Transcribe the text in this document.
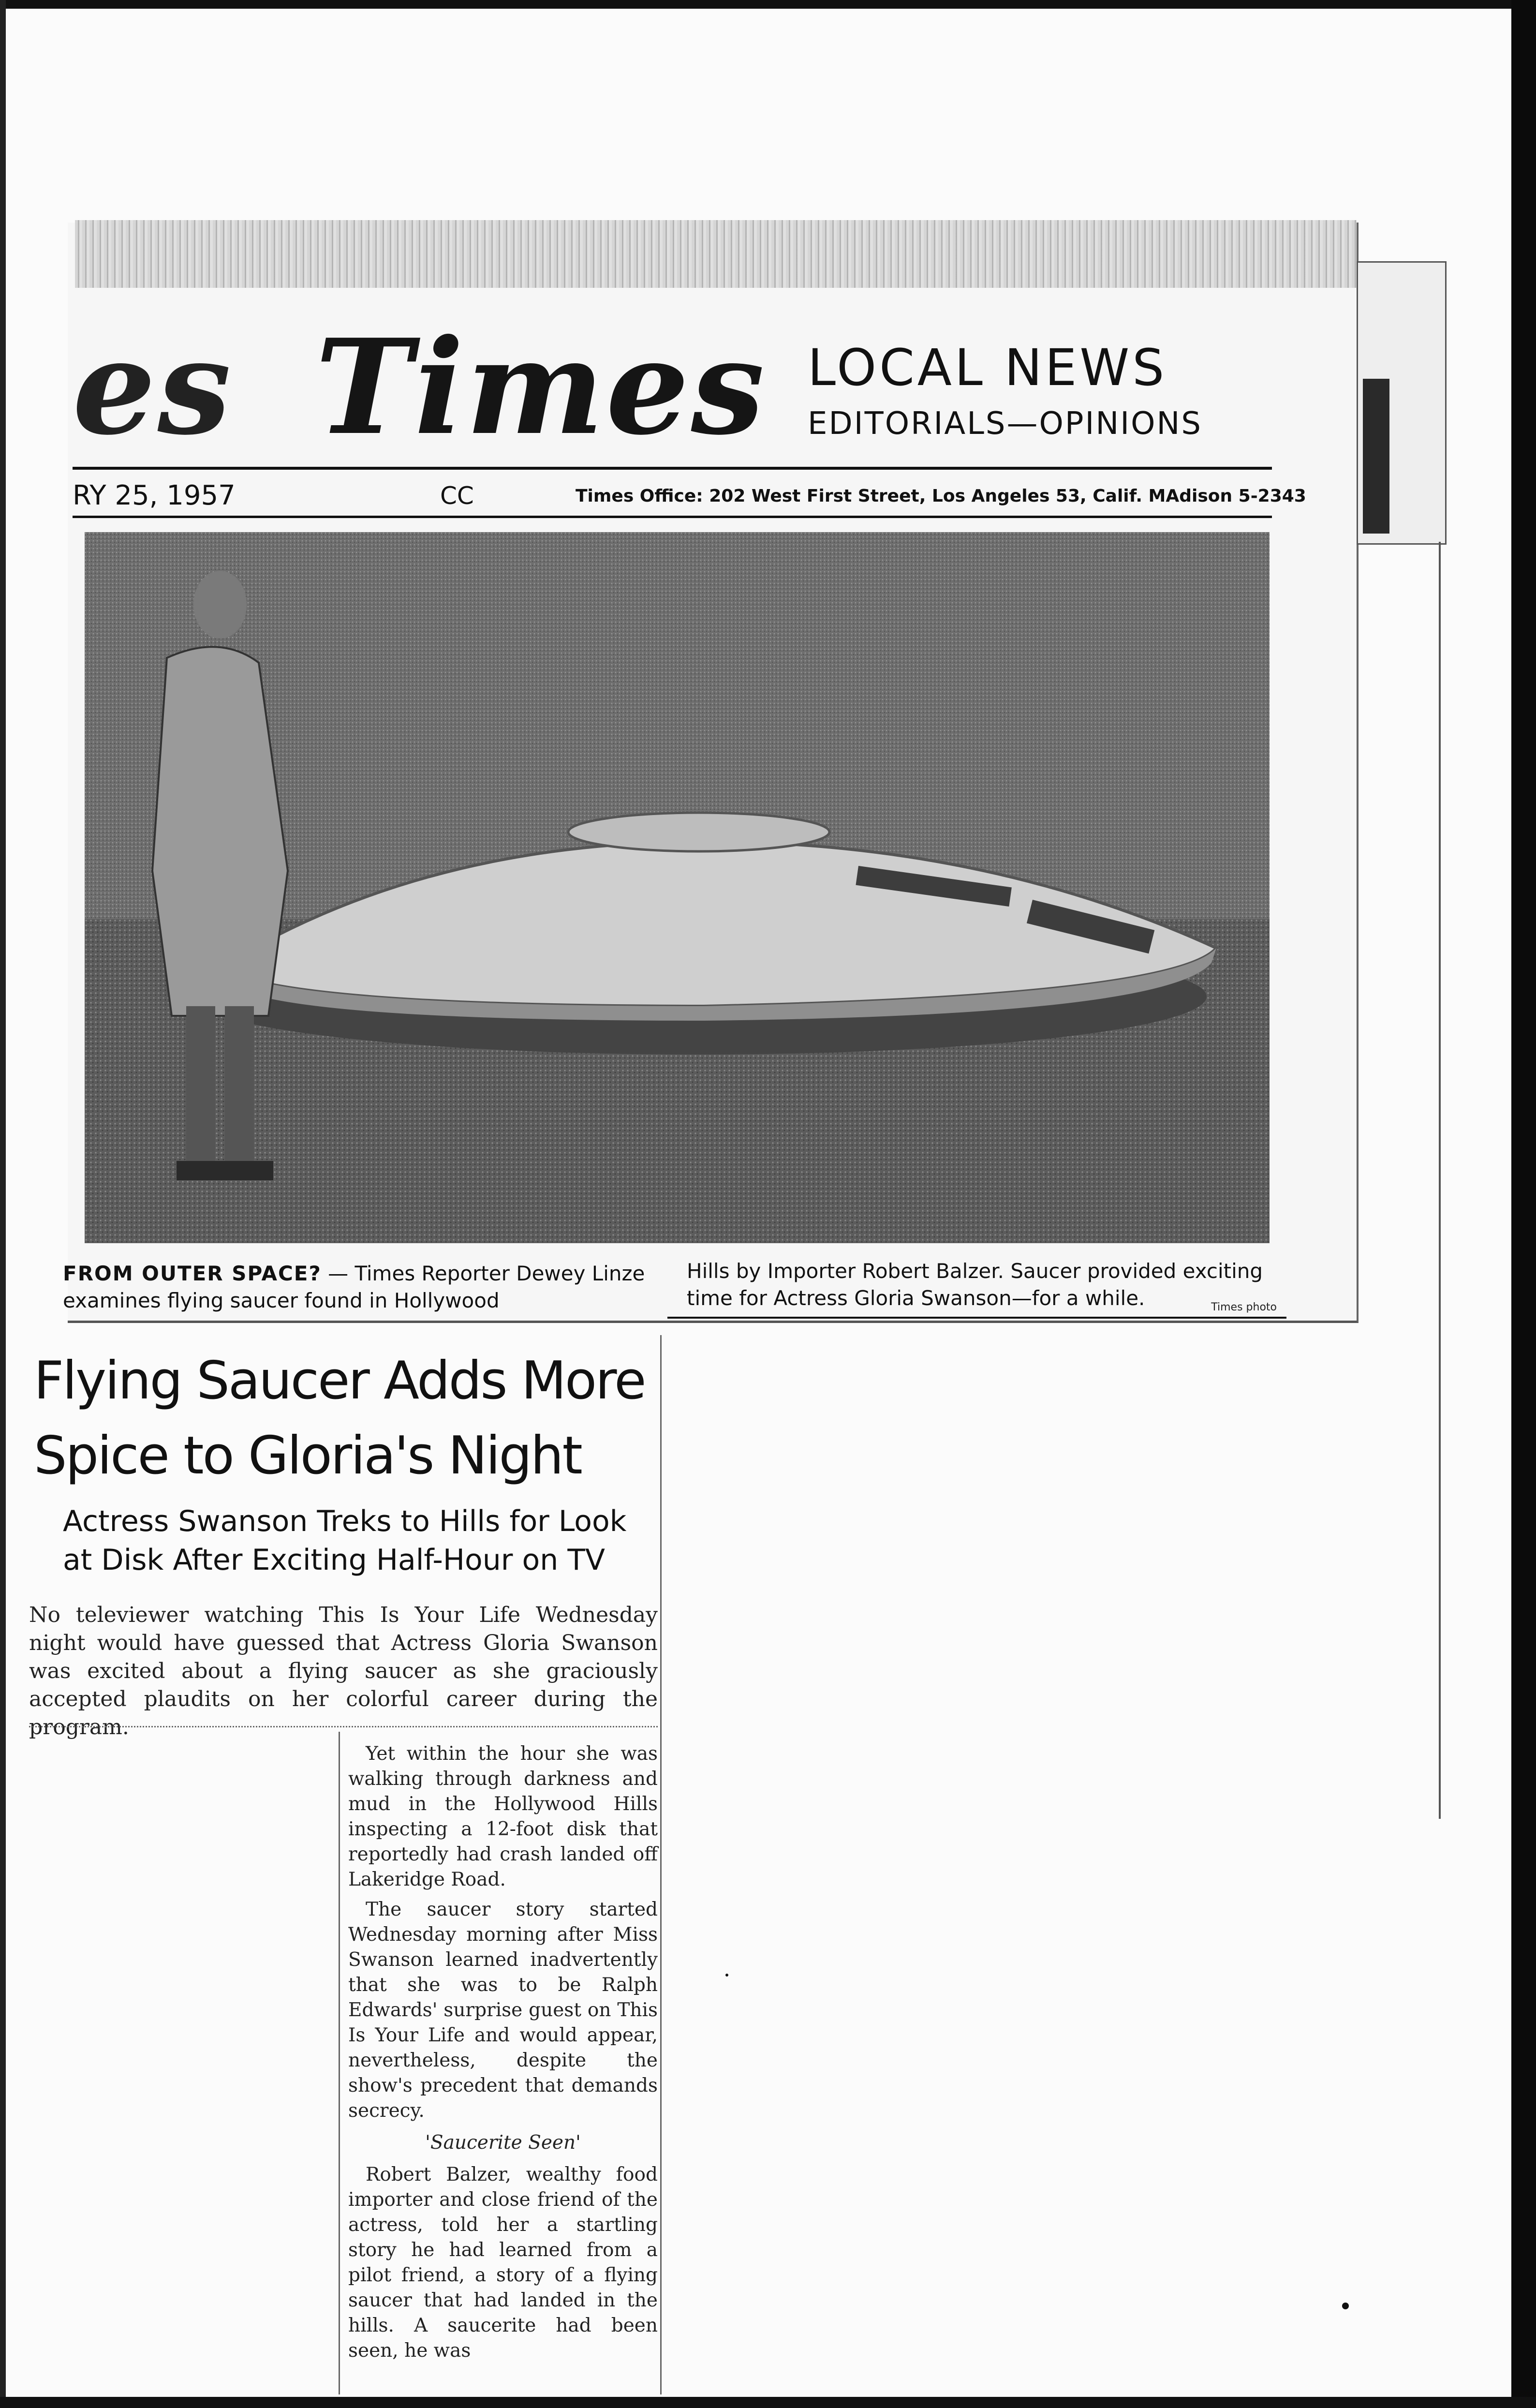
es Times LOCAL NEWS
EDITORIALS—OPINIONS
RY 25, 1957	CC	Times Office: 202 West First Street, Los Angeles 53, Calif. MAdison 5-2343
FROM OUTER SPACE? — Times Reporter Dewey Linze examines flying saucer found in Hollywood
Hills by Importer Robert Balzer. Saucer provided exciting time for Actress Gloria Swanson—for a while.	Times photo
Flying Saucer Adds More
Spice to Gloria's Night
Actress Swanson Treks to Hills for Look at Disk After Exciting Half-Hour on TV
No televiewer watching This Is Your Life Wednesday night would have guessed that Actress Gloria Swanson was excited about a flying saucer as she graciously accepted plaudits on her colorful career during the program.

Yet within the hour she was walking through darkness and mud in the Hollywood Hills inspecting a 12-foot disk that reportedly had crash landed off Lakeridge Road.

The saucer story started Wednesday morning after Miss Swanson learned inadvertently that she was to be Ralph Edwards' surprise guest on This Is Your Life and would appear, nevertheless, despite the show's precedent that demands secrecy.

'Saucerite Seen'

Robert Balzer, wealthy food importer and close friend of the actress, told her a startling story he had learned from a pilot friend, a story of a flying saucer that had landed in the hills. A saucerite had been seen, he was
